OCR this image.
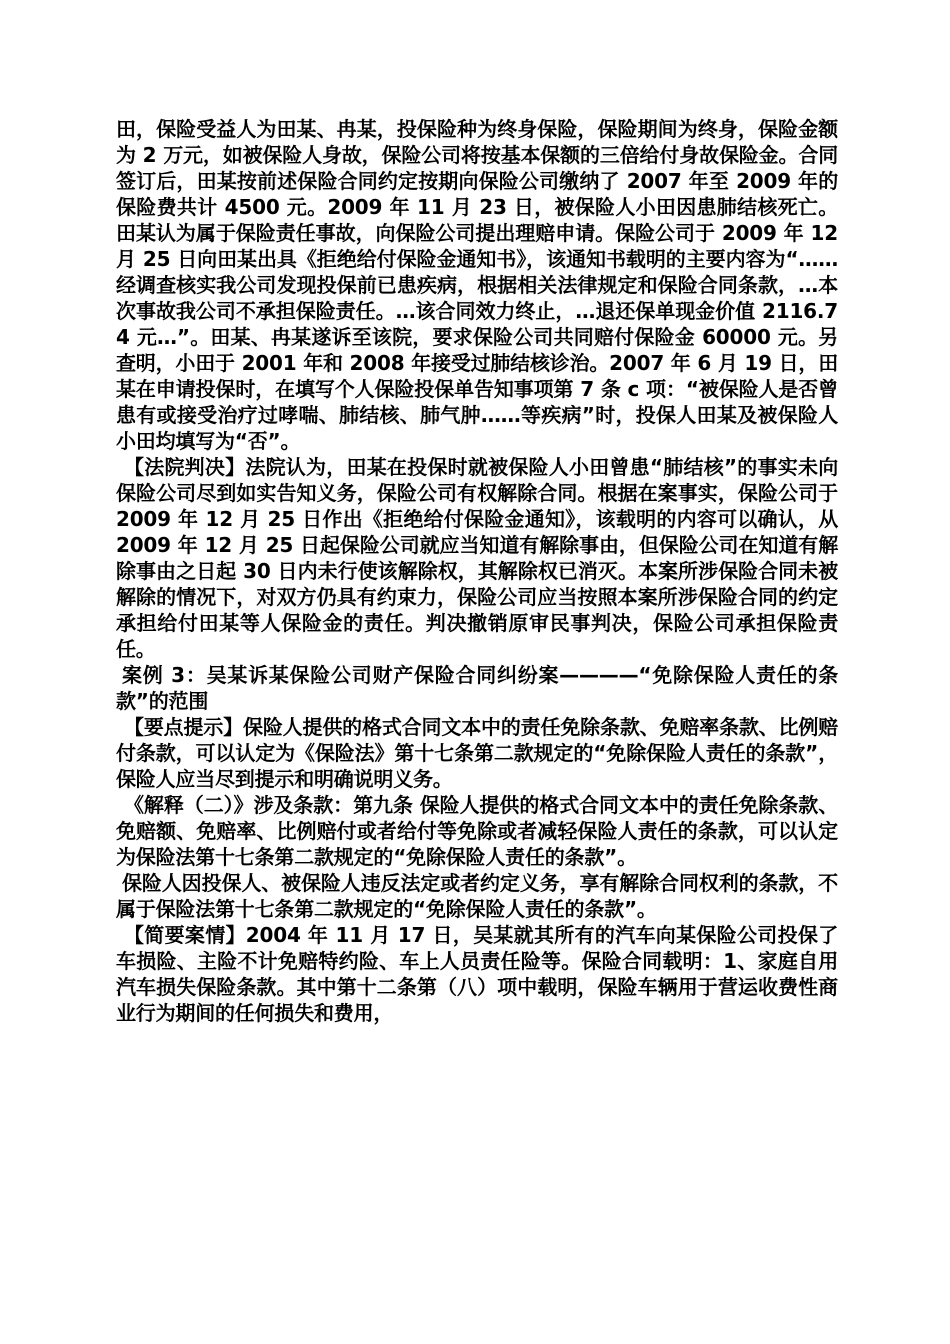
田，保险受益人为田某、冉某，投保险种为终身保险，保险期间为终身，保险金额为 2 万元，如被保险人身故，保险公司将按基本保额的三倍给付身故保险金。合同签订后，田某按前述保险合同约定按期向保险公司缴纳了 2007 年至 2009 年的保险费共计 4500 元。2009 年 11 月 23 日，被保险人小田因患肺结核死亡。田某认为属于保险责任事故，向保险公司提出理赔申请。保险公司于 2009 年 12 月 25 日向田某出具《拒绝给付保险金通知书》，该通知书载明的主要内容为“……经调查核实我公司发现投保前已患疾病，根据相关法律规定和保险合同条款，…本次事故我公司不承担保险责任。…该合同效力终止，…退还保单现金价值 2116.74 元…”。田某、冉某遂诉至该院，要求保险公司共同赔付保险金 60000 元。另查明，小田于 2001 年和 2008 年接受过肺结核诊治。2007 年 6 月 19 日，田某在申请投保时，在填写个人保险投保单告知事项第 7 条 c 项：“被保险人是否曾患有或接受治疗过哮喘、肺结核、肺气肿……等疾病”时，投保人田某及被保险人小田均填写为“否”。

【法院判决】法院认为，田某在投保时就被保险人小田曾患“肺结核”的事实未向保险公司尽到如实告知义务，保险公司有权解除合同。根据在案事实，保险公司于 2009 年 12 月 25 日作出《拒绝给付保险金通知》，该载明的内容可以确认，从 2009 年 12 月 25 日起保险公司就应当知道有解除事由，但保险公司在知道有解除事由之日起 30 日内未行使该解除权，其解除权已消灭。本案所涉保险合同未被解除的情况下，对双方仍具有约束力，保险公司应当按照本案所涉保险合同的约定承担给付田某等人保险金的责任。判决撤销原审民事判决，保险公司承担保险责任。

案例 3：吴某诉某保险公司财产保险合同纠纷案————“免除保险人责任的条款”的范围

【要点提示】保险人提供的格式合同文本中的责任免除条款、免赔率条款、比例赔付条款，可以认定为《保险法》第十七条第二款规定的“免除保险人责任的条款”，保险人应当尽到提示和明确说明义务。

《解释（二）》涉及条款：第九条 保险人提供的格式合同文本中的责任免除条款、免赔额、免赔率、比例赔付或者给付等免除或者减轻保险人责任的条款，可以认定为保险法第十七条第二款规定的“免除保险人责任的条款”。

保险人因投保人、被保险人违反法定或者约定义务，享有解除合同权利的条款，不属于保险法第十七条第二款规定的“免除保险人责任的条款”。

【简要案情】2004 年 11 月 17 日，吴某就其所有的汽车向某保险公司投保了车损险、主险不计免赔特约险、车上人员责任险等。保险合同载明：1、家庭自用汽车损失保险条款。其中第十二条第（八）项中载明，保险车辆用于营运收费性商业行为期间的任何损失和费用，
